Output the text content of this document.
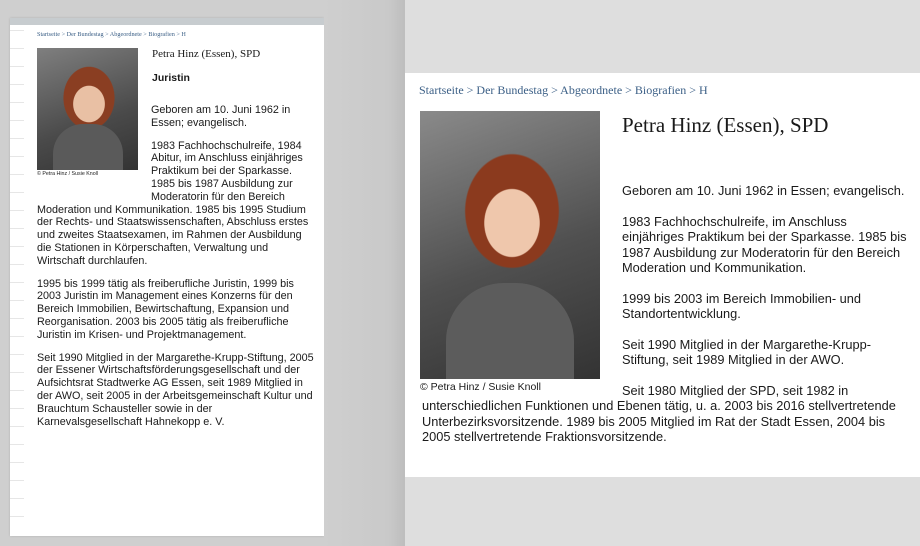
Startseite > Der Bundestag > Abgeordnete > Biografien > H
© Petra Hinz / Susie Knoll
Petra Hinz (Essen), SPD
Juristin

Geboren am 10. Juni 1962 in Essen; evangelisch.

1983 Fachhochschulreife, 1984 Abitur, im Anschluss einjähriges Praktikum bei der Sparkasse. 1985 bis 1987 Ausbildung zur Moderatorin für den Bereich Moderation und Kommunikation. 1985 bis 1995 Studium der Rechts- und Staatswissenschaften, Abschluss erstes und zweites Staatsexamen, im Rahmen der Ausbildung die Stationen in Körperschaften, Verwaltung und Wirtschaft durchlaufen.

1995 bis 1999 tätig als freiberufliche Juristin, 1999 bis 2003 Juristin im Management eines Konzerns für den Bereich Immobilien, Bewirtschaftung, Expansion und Reorganisation. 2003 bis 2005 tätig als freiberufliche Juristin im Krisen- und Projektmanagement.

Seit 1990 Mitglied in der Margarethe-Krupp-Stiftung, 2005 der Essener Wirtschaftsförderungsgesellschaft und der Aufsichtsrat Stadtwerke AG Essen, seit 1989 Mitglied in der AWO, seit 2005 in der Arbeitsgemeinschaft Kultur und Brauchtum Schausteller sowie in der Karnevalsgesellschaft Hahnekopp e. V.

Startseite > Der Bundestag > Abgeordnete > Biografien > H
© Petra Hinz / Susie Knoll
Petra Hinz (Essen), SPD

Geboren am 10. Juni 1962 in Essen; evangelisch.

1983 Fachhochschulreife, im Anschluss einjähriges Praktikum bei der Sparkasse. 1985 bis 1987 Ausbildung zur Moderatorin für den Bereich Moderation und Kommunikation.

1999 bis 2003 im Bereich Immobilien- und Standortentwicklung.

Seit 1990 Mitglied in der Margarethe-Krupp-Stiftung, seit 1989 Mitglied in der AWO.

Seit 1980 Mitglied der SPD, seit 1982 in unterschiedlichen Funktionen und Ebenen tätig, u. a. 2003 bis 2016 stellvertretende Unterbezirksvorsitzende. 1989 bis 2005 Mitglied im Rat der Stadt Essen, 2004 bis 2005 stellvertretende Fraktionsvorsitzende.
